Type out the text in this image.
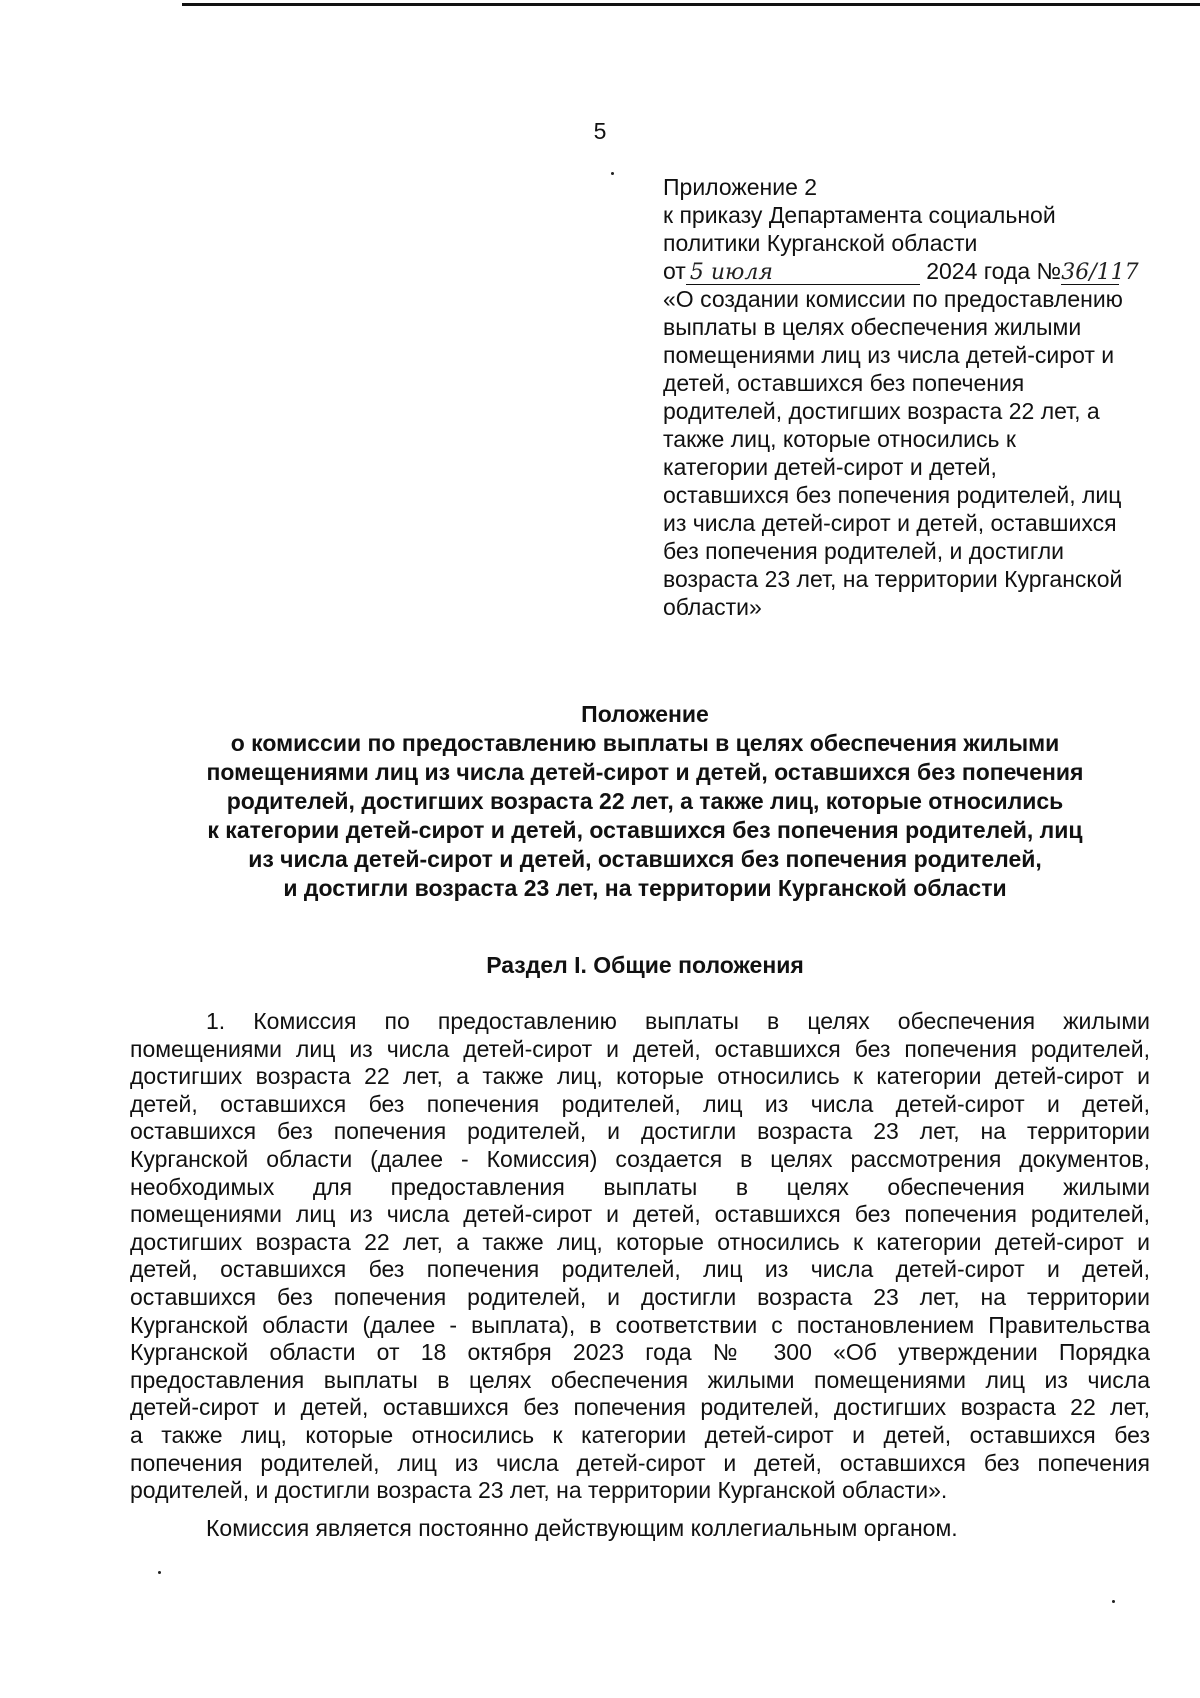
5
Приложение 2
к приказу Департамента социальной
политики Курганской области
от 5 июля	2024 года №36/117
«О создании комиссии по предоставлению
выплаты в целях обеспечения жилыми
помещениями лиц из числа детей-сирот и
детей, оставшихся без попечения
родителей, достигших возраста 22 лет, а
также лиц, которые относились к
категории детей-сирот и детей,
оставшихся без попечения родителей, лиц
из числа детей-сирот и детей, оставшихся
без попечения родителей, и достигли
возраста 23 лет, на территории Курганской
области»
Положение
о комиссии по предоставлению выплаты в целях обеспечения жилыми
помещениями лиц из числа детей-сирот и детей, оставшихся без попечения
родителей, достигших возраста 22 лет, а также лиц, которые относились
к категории детей-сирот и детей, оставшихся без попечения родителей, лиц
из числа детей-сирот и детей, оставшихся без попечения родителей,
и достигли возраста 23 лет, на территории Курганской области
Раздел I. Общие положения
1. Комиссия по предоставлению выплаты в целях обеспечения жилыми
помещениями лиц из числа детей-сирот и детей, оставшихся без попечения родителей,
достигших возраста 22 лет, а также лиц, которые относились к категории детей-сирот и
детей, оставшихся без попечения родителей, лиц из числа детей-сирот и детей,
оставшихся без попечения родителей, и достигли возраста 23 лет, на территории
Курганской области (далее - Комиссия) создается в целях рассмотрения документов,
необходимых для предоставления выплаты в целях обеспечения жилыми
помещениями лиц из числа детей-сирот и детей, оставшихся без попечения родителей,
достигших возраста 22 лет, а также лиц, которые относились к категории детей-сирот и
детей, оставшихся без попечения родителей, лиц из числа детей-сирот и детей,
оставшихся без попечения родителей, и достигли возраста 23 лет, на территории
Курганской области (далее - выплата), в соответствии с постановлением Правительства
Курганской области от 18 октября 2023 года № 300 «Об утверждении Порядка
предоставления выплаты в целях обеспечения жилыми помещениями лиц из числа
детей-сирот и детей, оставшихся без попечения родителей, достигших возраста 22 лет,
а также лиц, которые относились к категории детей-сирот и детей, оставшихся без
попечения родителей, лиц из числа детей-сирот и детей, оставшихся без попечения
родителей, и достигли возраста 23 лет, на территории Курганской области».
Комиссия является постоянно действующим коллегиальным органом.
